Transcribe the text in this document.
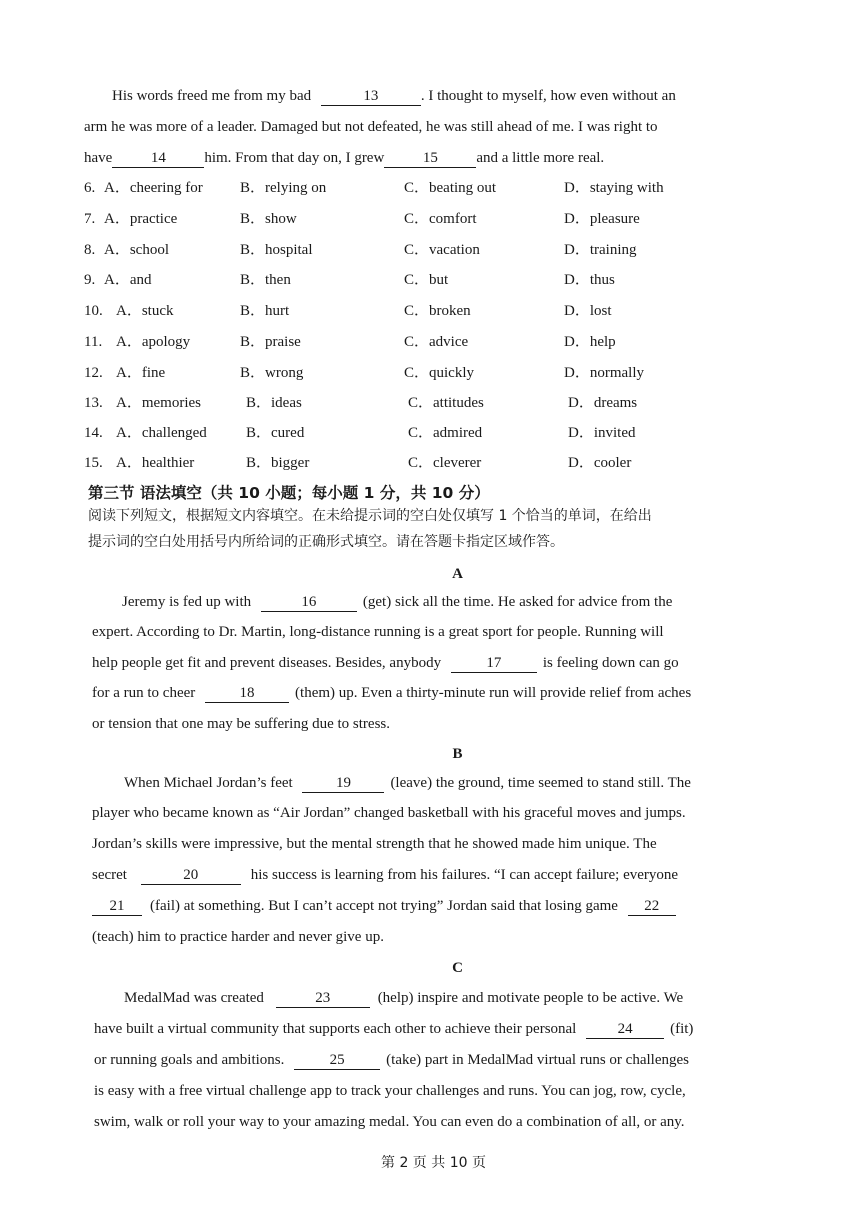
His words freed me from my bad	13	. I thought to myself, how even without an
arm he was more of a leader. Damaged but not defeated, he was still ahead of me. I was right to
have	14	him. From that day on, I grew	15	and a little more real.
6. A．cheering for B．relying on	C．beating out	D．staying with
7. A．practice	B．show	C．comfort	D．pleasure
8. A．school	B．hospital	C．vacation	D．training
9. A．and	B．then	C．but	D．thus
10. A．stuck	B．hurt	C．broken	D．lost
11. A．apology	B．praise	C．advice	D．help
12. A．fine	B．wrong	C．quickly	D．normally
13. A．memories	B．ideas	C．attitudes	D．dreams
14. A．challenged	B．cured	C．admired	D．invited
15. A．healthier	B．bigger	C．cleverer	D．cooler
第三节 语法填空（共 10 小题；每小题 1 分，共 10 分）
阅读下列短文，根据短文内容填空。在未给提示词的空白处仅填写 1 个恰当的单词，在给出
提示词的空白处用括号内所给词的正确形式填空。请在答题卡指定区域作答。
A
Jeremy is fed up with	16	(get) sick all the time. He asked for advice from the
expert. According to Dr. Martin, long-distance running is a great sport for people. Running will
help people get fit and prevent diseases. Besides, anybody	17	is feeling down can go
for a run to cheer	18	(them) up. Even a thirty-minute run will provide relief from aches
or tension that one may be suffering due to stress.
B
When Michael Jordan’s feet	19	(leave) the ground, time seemed to stand still. The
player who became known as “Air Jordan” changed basketball with his graceful moves and jumps.
Jordan’s skills were impressive, but the mental strength that he showed made him unique. The
secret	20	his success is learning from his failures. “I can accept failure; everyone
21 (fail) at something. But I can’t accept not trying” Jordan said that losing game 22
(teach) him to practice harder and never give up.
C
MedalMad was created	23	(help) inspire and motivate people to be active. We
have built a virtual community that supports each other to achieve their personal	24	(fit)
or running goals and ambitions.	25	(take) part in MedalMad virtual runs or challenges
is easy with a free virtual challenge app to track your challenges and runs. You can jog, row, cycle,
swim, walk or roll your way to your amazing medal. You can even do a combination of all, or any.
第 2 页 共 10 页
